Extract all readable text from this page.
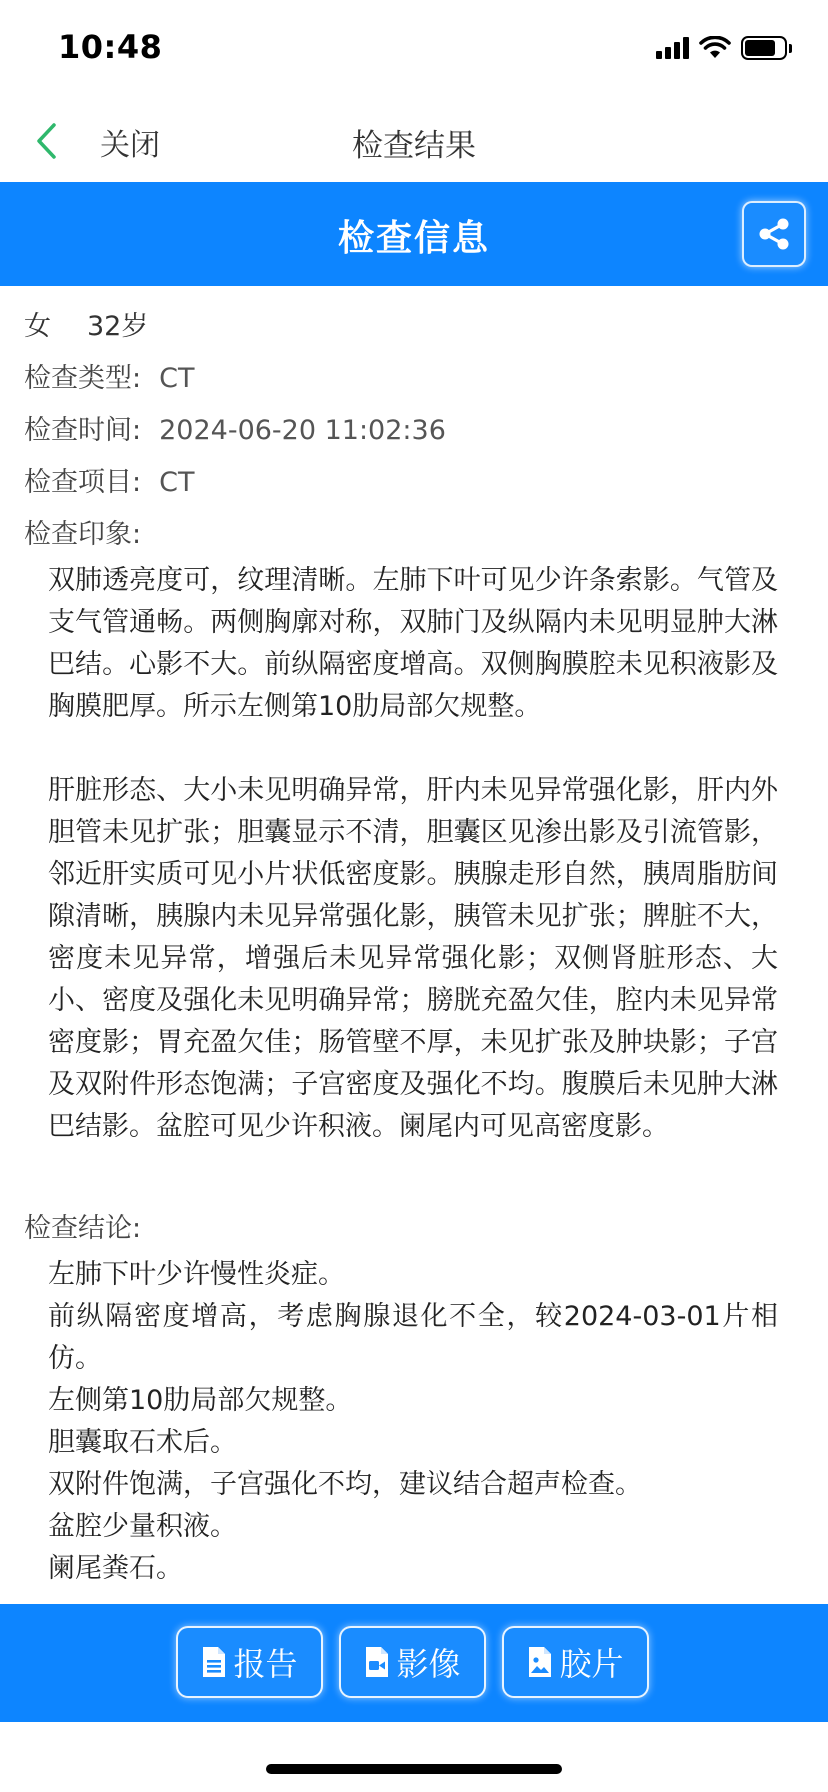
10:48
关闭	检查结果
检查信息
女 32岁
检查类型: CT
检查时间: 2024-06-20 11:02:36
检查项目: CT
检查印象:
双肺透亮度可，纹理清晰。左肺下叶可见少许条索影。气管及支气管通畅。两侧胸廓对称，双肺门及纵隔内未见明显肿大淋巴结。心影不大。前纵隔密度增高。双侧胸膜腔未见积液影及胸膜肥厚。所示左侧第10肋局部欠规整。
肝脏形态、大小未见明确异常，肝内未见异常强化影，肝内外胆管未见扩张；胆囊显示不清，胆囊区见渗出影及引流管影，邻近肝实质可见小片状低密度影。胰腺走形自然，胰周脂肪间隙清晰，胰腺内未见异常强化影，胰管未见扩张；脾脏不大，密度未见异常，增强后未见异常强化影；双侧肾脏形态、大小、密度及强化未见明确异常；膀胱充盈欠佳，腔内未见异常密度影；胃充盈欠佳；肠管壁不厚，未见扩张及肿块影；子宫及双附件形态饱满；子宫密度及强化不均。腹膜后未见肿大淋巴结影。盆腔可见少许积液。阑尾内可见高密度影。
检查结论:
左肺下叶少许慢性炎症。
前纵隔密度增高，考虑胸腺退化不全，较2024-03-01片相仿。
左侧第10肋局部欠规整。
胆囊取石术后。
双附件饱满，子宫强化不均，建议结合超声检查。
盆腔少量积液。
阑尾粪石。
报告	影像	胶片
